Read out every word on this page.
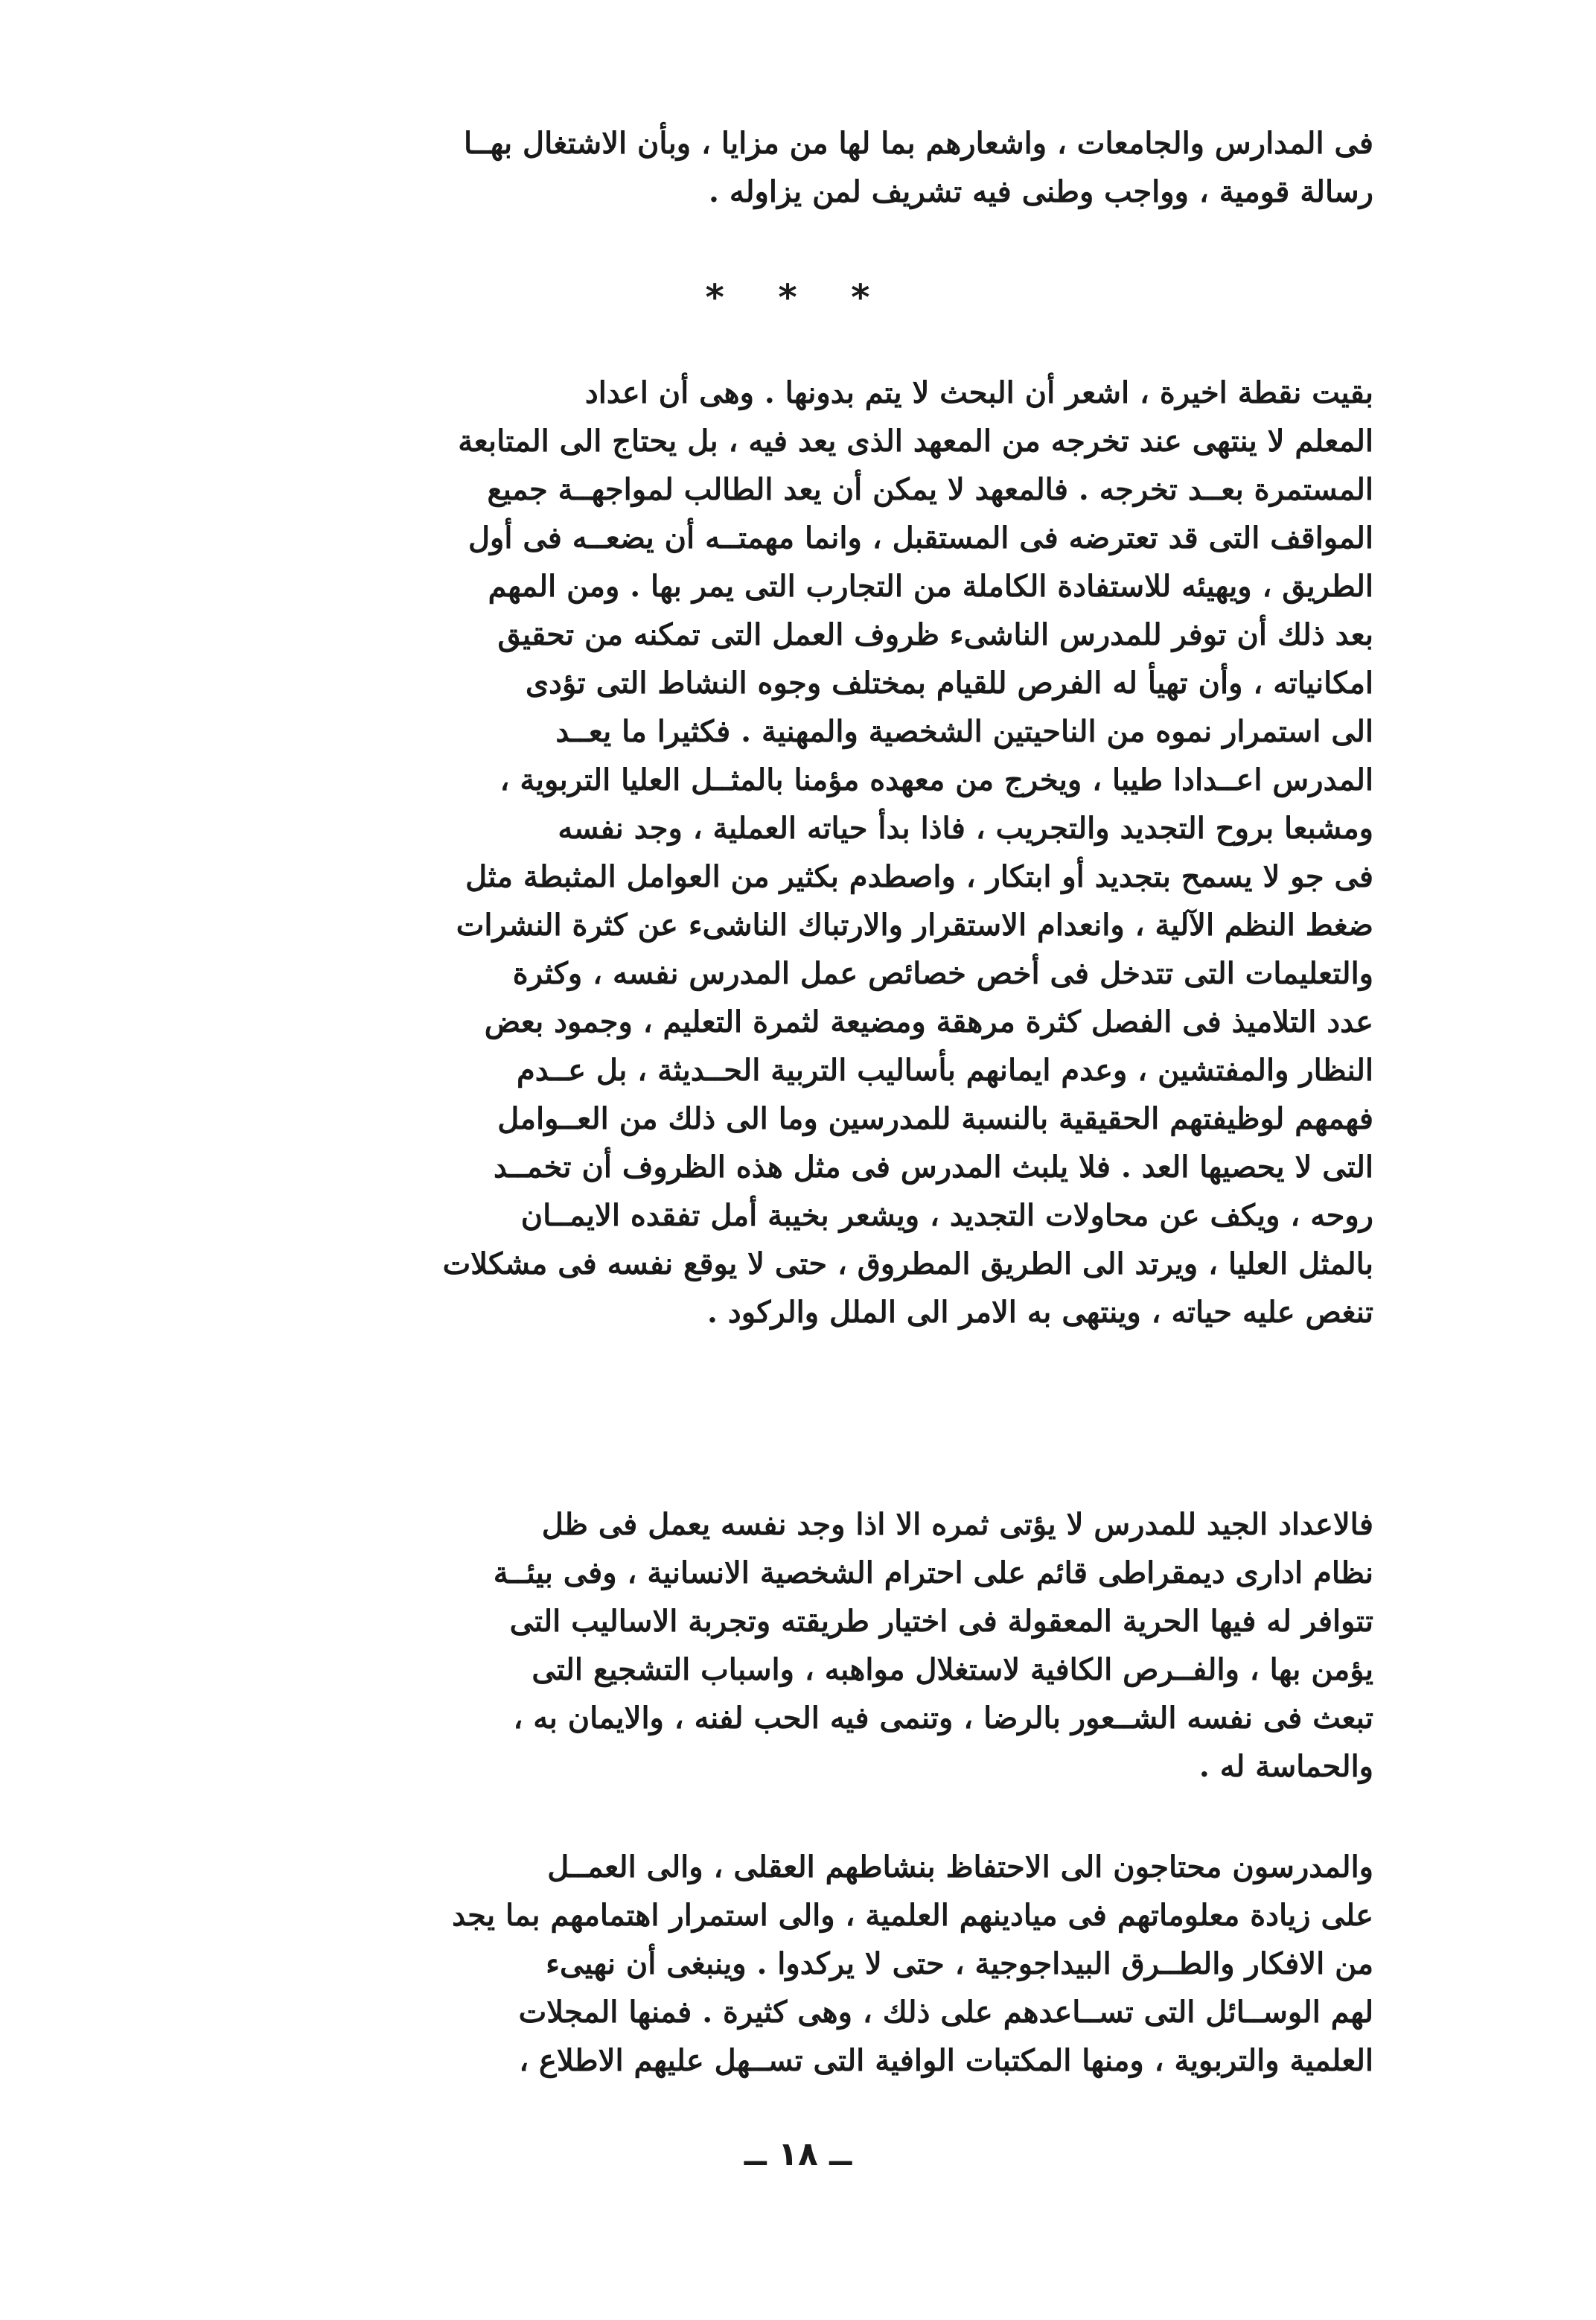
فى المدارس والجامعات ، واشعارهم بما لها من مزايا ، وبأن الاشتغال بهــا
رسالة قومية ، وواجب وطنى فيه تشريف لمن يزاوله .
* * *
بقيت نقطة اخيرة ، اشعر أن البحث لا يتم بدونها . وهى أن اعداد
المعلم لا ينتهى عند تخرجه من المعهد الذى يعد فيه ، بل يحتاج الى المتابعة
المستمرة بعــد تخرجه . فالمعهد لا يمكن أن يعد الطالب لمواجهــة جميع
المواقف التى قد تعترضه فى المستقبل ، وانما مهمتــه أن يضعــه فى أول
الطريق ، ويهيئه للاستفادة الكاملة من التجارب التى يمر بها . ومن المهم
بعد ذلك أن توفر للمدرس الناشىء ظروف العمل التى تمكنه من تحقيق
امكانياته ، وأن تهيأ له الفرص للقيام بمختلف وجوه النشاط التى تؤدى
الى استمرار نموه من الناحيتين الشخصية والمهنية . فكثيرا ما يعــد
المدرس اعــدادا طيبا ، ويخرج من معهده مؤمنا بالمثــل العليا التربوية ،
ومشبعا بروح التجديد والتجريب ، فاذا بدأ حياته العملية ، وجد نفسه
فى جو لا يسمح بتجديد أو ابتكار ، واصطدم بكثير من العوامل المثبطة مثل
ضغط النظم الآلية ، وانعدام الاستقرار والارتباك الناشىء عن كثرة النشرات
والتعليمات التى تتدخل فى أخص خصائص عمل المدرس نفسه ، وكثرة
عدد التلاميذ فى الفصل كثرة مرهقة ومضيعة لثمرة التعليم ، وجمود بعض
النظار والمفتشين ، وعدم ايمانهم بأساليب التربية الحــديثة ، بل عــدم
فهمهم لوظيفتهم الحقيقية بالنسبة للمدرسين وما الى ذلك من العــوامل
التى لا يحصيها العد . فلا يلبث المدرس فى مثل هذه الظروف أن تخمــد
روحه ، ويكف عن محاولات التجديد ، ويشعر بخيبة أمل تفقده الايمــان
بالمثل العليا ، ويرتد الى الطريق المطروق ، حتى لا يوقع نفسه فى مشكلات
تنغص عليه حياته ، وينتهى به الامر الى الملل والركود .
فالاعداد الجيد للمدرس لا يؤتى ثمره الا اذا وجد نفسه يعمل فى ظل
نظام ادارى ديمقراطى قائم على احترام الشخصية الانسانية ، وفى بيئــة
تتوافر له فيها الحرية المعقولة فى اختيار طريقته وتجربة الاساليب التى
يؤمن بها ، والفــرص الكافية لاستغلال مواهبه ، واسباب التشجيع التى
تبعث فى نفسه الشــعور بالرضا ، وتنمى فيه الحب لفنه ، والايمان به ،
والحماسة له .
والمدرسون محتاجون الى الاحتفاظ بنشاطهم العقلى ، والى العمــل
على زيادة معلوماتهم فى ميادينهم العلمية ، والى استمرار اهتمامهم بما يجد
من الافكار والطــرق البيداجوجية ، حتى لا يركدوا . وينبغى أن نهيىء
لهم الوســائل التى تســاعدهم على ذلك ، وهى كثيرة . فمنها المجلات
العلمية والتربوية ، ومنها المكتبات الوافية التى تســهل عليهم الاطلاع ،
ــ ١٨ ــ
